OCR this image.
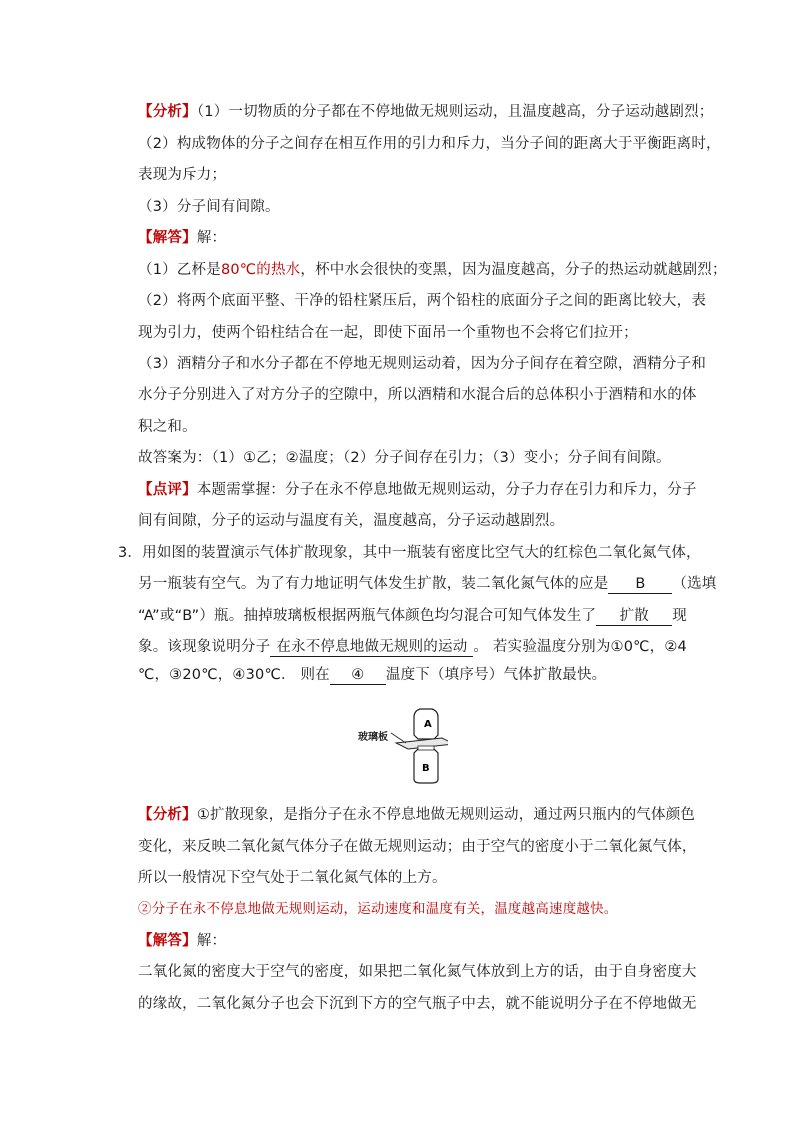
【分析】（1）一切物质的分子都在不停地做无规则运动，且温度越高，分子运动越剧烈；
（2）构成物体的分子之间存在相互作用的引力和斥力，当分子间的距离大于平衡距离时，
表现为斥力；
（3）分子间有间隙。
【解答】解：
（1）乙杯是80℃的热水，杯中水会很快的变黑，因为温度越高，分子的热运动就越剧烈；
（2）将两个底面平整、干净的铅柱紧压后，两个铅柱的底面分子之间的距离比较大，表
现为引力，使两个铅柱结合在一起，即使下面吊一个重物也不会将它们拉开；
（3）酒精分子和水分子都在不停地无规则运动着，因为分子间存在着空隙，酒精分子和
水分子分别进入了对方分子的空隙中，所以酒精和水混合后的总体积小于酒精和水的体
积之和。
故答案为：（1）①乙；②温度；（2）分子间存在引力；（3）变小；分子间有间隙。
【点评】本题需掌握：分子在永不停息地做无规则运动，分子力存在引力和斥力，分子
间有间隙，分子的运动与温度有关，温度越高，分子运动越剧烈。
3．用如图的装置演示气体扩散现象，其中一瓶装有密度比空气大的红棕色二氧化氮气体，
另一瓶装有空气。为了有力地证明气体发生扩散，装二氧化氮气体的应是 B （选填
“A”或“B”）瓶。抽掉玻璃板根据两瓶气体颜色均匀混合可知气体发生了 扩散 现
象。该现象说明分子 在永不停息地做无规则的运动 。 若实验温度分别为①0℃，②4
℃，③20℃，④30℃． 则在 ④ 温度下（填序号）气体扩散最快。
玻璃板
A
B
【分析】①扩散现象，是指分子在永不停息地做无规则运动，通过两只瓶内的气体颜色
变化，来反映二氧化氮气体分子在做无规则运动；由于空气的密度小于二氧化氮气体，
所以一般情况下空气处于二氧化氮气体的上方。
②分子在永不停息地做无规则运动，运动速度和温度有关，温度越高速度越快。
【解答】解：
二氧化氮的密度大于空气的密度，如果把二氧化氮气体放到上方的话，由于自身密度大
的缘故，二氧化氮分子也会下沉到下方的空气瓶子中去，就不能说明分子在不停地做无
